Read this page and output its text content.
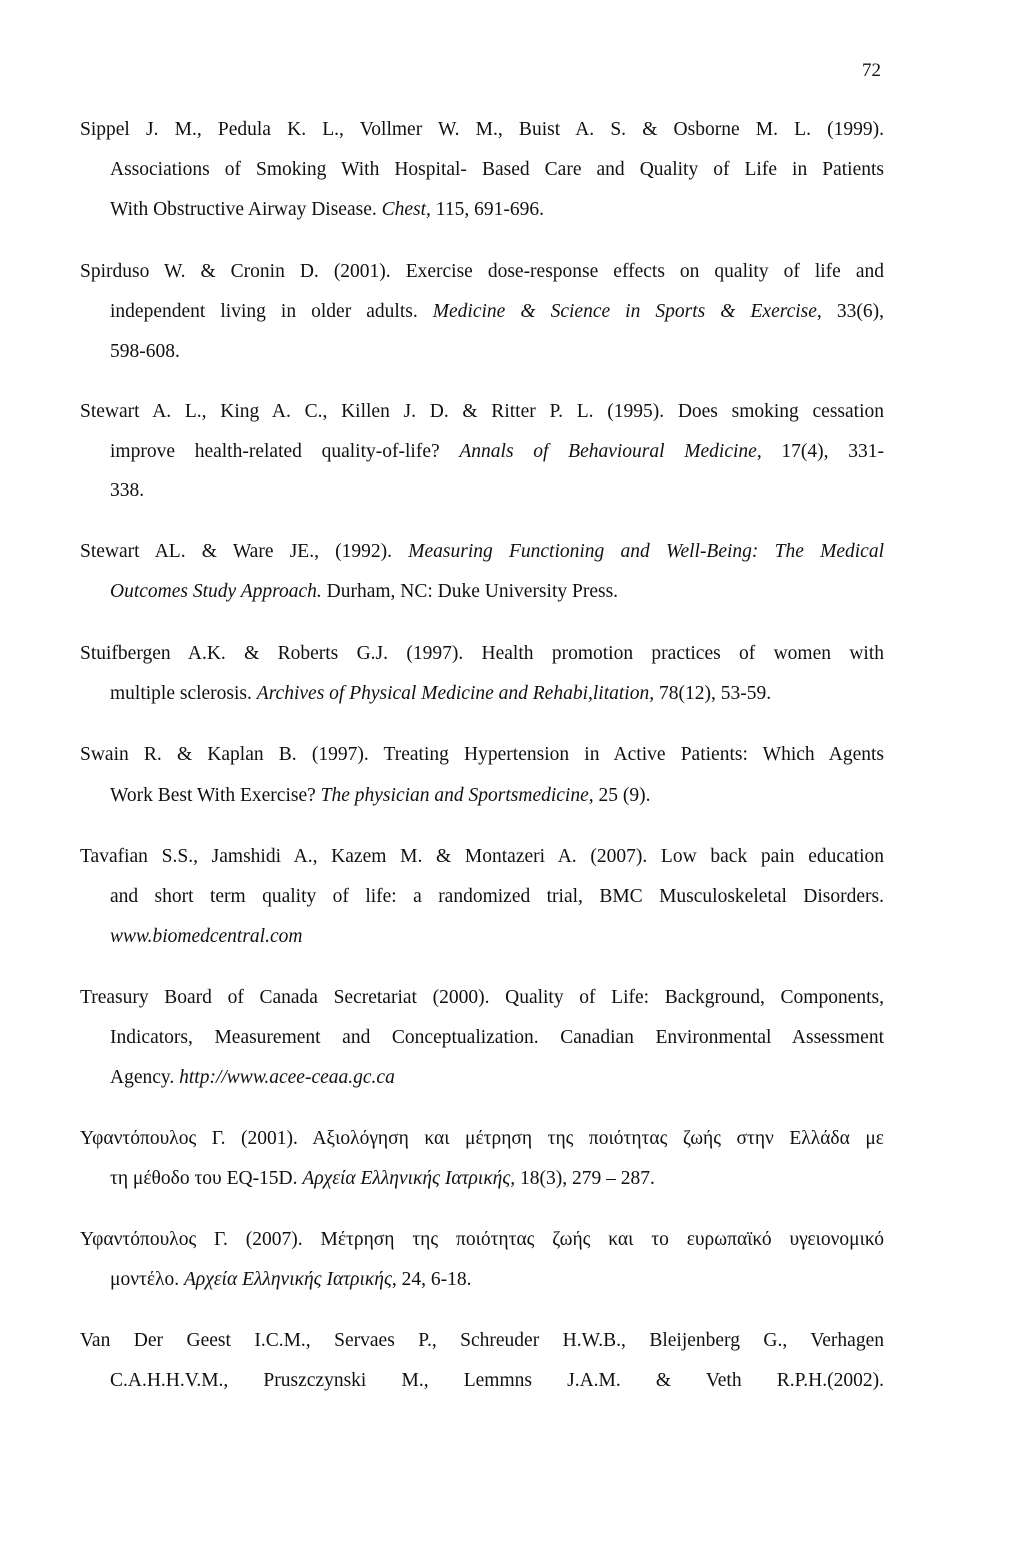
72
Sippel J. M., Pedula K. L., Vollmer W. M., Buist A. S. & Osborne M. L. (1999).
Associations of Smoking With Hospital- Based Care and Quality of Life in Patients
With Obstructive Airway Disease. Chest, 115, 691-696.
Spirduso W. & Cronin D. (2001). Exercise dose-response effects on quality of life and
independent living in older adults. Medicine & Science in Sports & Exercise, 33(6),
598-608.
Stewart A. L., King A. C., Killen J. D. & Ritter P. L. (1995). Does smoking cessation
improve health-related quality-of-life? Annals of Behavioural Medicine, 17(4), 331-
338.
Stewart AL. & Ware JE., (1992). Measuring Functioning and Well-Being: The Medical
Outcomes Study Approach. Durham, NC: Duke University Press.
Stuifbergen A.K. & Roberts G.J. (1997). Health promotion practices of women with
multiple sclerosis. Archives of Physical Medicine and Rehabi,litation, 78(12), 53-59.
Swain R. & Kaplan B. (1997). Treating Hypertension in Active Patients: Which Agents
Work Best With Exercise? The physician and Sportsmedicine, 25 (9).
Tavafian S.S., Jamshidi A., Kazem M. & Montazeri A. (2007). Low back pain education
and short term quality of life: a randomized trial, BMC Musculoskeletal Disorders.
www.biomedcentral.com
Treasury Board of Canada Secretariat (2000). Quality of Life: Background, Components,
Indicators, Measurement and Conceptualization. Canadian Environmental Assessment
Agency. http://www.acee-ceaa.gc.ca
Υφαντόπουλος Γ. (2001). Αξιολόγηση και μέτρηση της ποιότητας ζωής στην Ελλάδα με
τη μέθοδο του EQ-15D. Αρχεία Ελληνικής Ιατρικής, 18(3), 279 – 287.
Υφαντόπουλος Γ. (2007). Μέτρηση της ποιότητας ζωής και το ευρωπαϊκό υγειονομικό
μοντέλο. Αρχεία Ελληνικής Ιατρικής, 24, 6-18.
Van Der Geest I.C.M., Servaes P., Schreuder H.W.B., Bleijenberg G., Verhagen
C.A.H.H.V.M., Pruszczynski M., Lemmns J.A.M. & Veth R.P.H.(2002).
